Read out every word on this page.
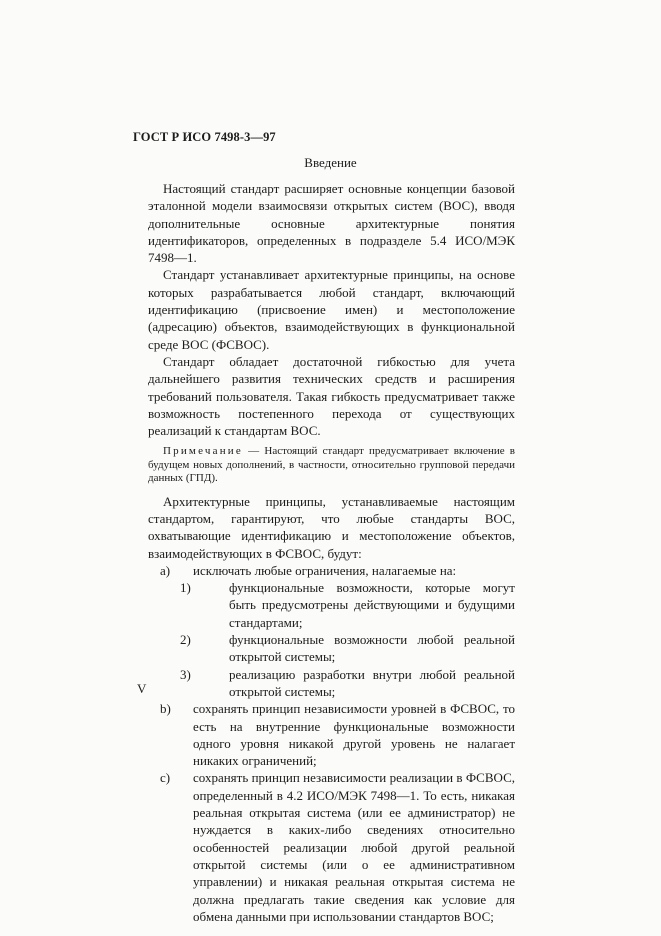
ГОСТ Р ИСО 7498-3—97
Введение

Настоящий стандарт расширяет основные концепции базовой эталонной модели взаимосвязи открытых систем (ВОС), вводя дополнительные основные архитектурные понятия идентификаторов, определенных в подразделе 5.4 ИСО/МЭК 7498—1.

Стандарт устанавливает архитектурные принципы, на основе которых разрабатывается любой стандарт, включающий идентификацию (присвоение имен) и местоположение (адресацию) объектов, взаимодействующих в функциональной среде ВОС (ФСВОС).

Стандарт обладает достаточной гибкостью для учета дальнейшего развития технических средств и расширения требований пользователя. Такая гибкость предусматривает также возможность постепенного перехода от существующих реализаций к стандартам ВОС.

Примечание — Настоящий стандарт предусматривает включение в будущем новых дополнений, в частности, относительно групповой передачи данных (ГПД).

Архитектурные принципы, устанавливаемые настоящим стандартом, гарантируют, что любые стандарты ВОС, охватывающие идентификацию и местоположение объектов, взаимодействующих в ФСВОС, будут:

а) исключать любые ограничения, налагаемые на:
1)	функциональные возможности, которые могут быть предусмотрены действующими и будущими стандартами;
2)	функциональные возможности любой реальной открытой системы;
3)	реализацию разработки внутри любой реальной открытой системы;
b) сохранять принцип независимости уровней в ФСВОС, то есть на внутренние функциональные возможности одного уровня никакой другой уровень не налагает никаких ограничений;
с) сохранять принцип независимости реализации в ФСВОС, определенный в 4.2 ИСО/МЭК 7498—1. То есть, никакая реальная открытая система (или ее администратор) не нуждается в каких-либо сведениях относительно особенностей реализации любой другой реальной открытой системы (или о ее административном управлении) и никакая реальная открытая система не должна предлагать такие сведения как условие для обмена данными при использовании стандартов ВОС;
V
